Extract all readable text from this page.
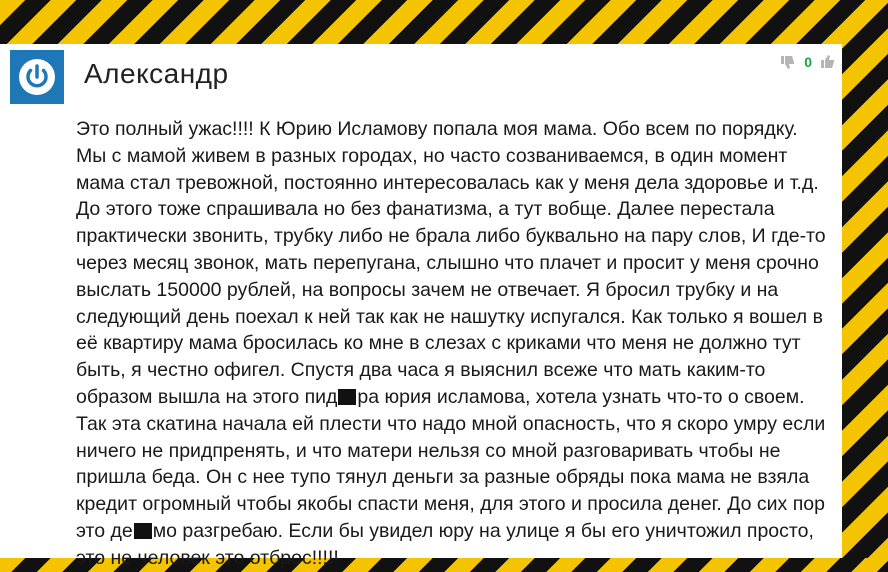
Александр	0

Это полный ужас!!!! К Юрию Исламову попала моя мама. Обо всем по порядку. Мы с мамой живем в разных городах, но часто созваниваемся, в один момент мама стал тревожной, постоянно интересовалась как у меня дела здоровье и т.д. До этого тоже спрашивала но без фанатизма, а тут вобще. Далее перестала практически звонить, трубку либо не брала либо буквально на пару слов, И где-то через месяц звонок, мать перепугана, слышно что плачет и просит у меня срочно выслать 150000 рублей, на вопросы зачем не отвечает. Я бросил трубку и на следующий день поехал к ней так как не нашутку испугался. Как только я вошел в её квартиру мама бросилась ко мне в слезах с криками что меня не должно тут быть, я честно офигел. Спустя два часа я выяснил всеже что мать каким-то образом вышла на этого пид ра юрия исламова, хотела узнать что-то о своем. Так эта скатина начала ей плести что надо мной опасность, что я скоро умру если ничего не придпренять, и что матери нельзя со мной разговаривать чтобы не пришла беда. Он с нее тупо тянул деньги за разные обряды пока мама не взяла кредит огромный чтобы якобы спасти меня, для этого и просила денег. До сих пор это де мо разгребаю. Если бы увидел юру на улице я бы его уничтожил просто, это не человек это отброс!!!!!
